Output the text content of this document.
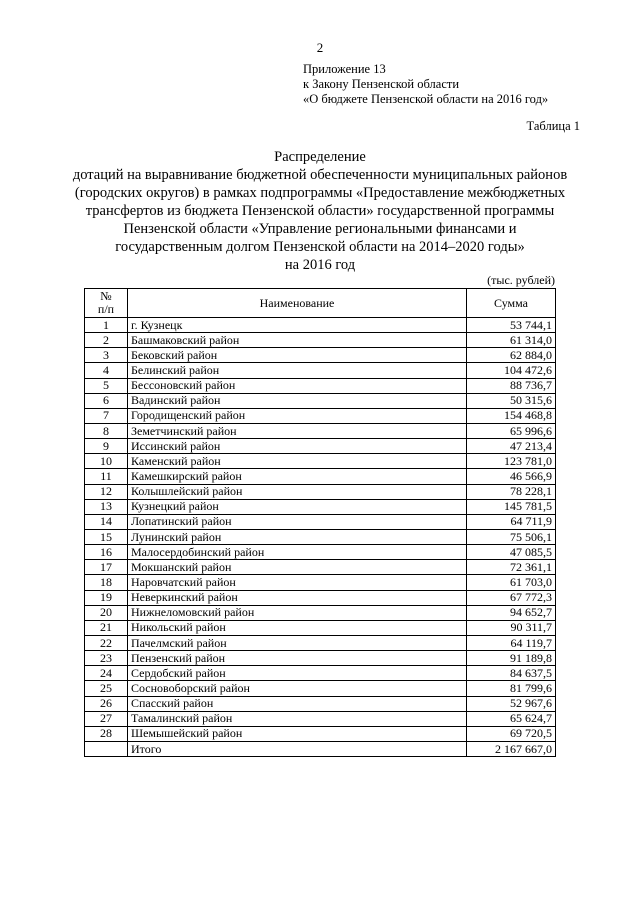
2
Приложение 13
к Закону Пензенской области
«О бюджете Пензенской области на 2016 год»
Таблица 1
Распределение
дотаций на выравнивание бюджетной обеспеченности муниципальных районов
(городских округов) в рамках подпрограммы «Предоставление межбюджетных
трансфертов из бюджета Пензенской области» государственной программы
Пензенской области «Управление региональными финансами и
государственным долгом Пензенской области на 2014–2020 годы»
на 2016 год
(тыс. рублей)
№
п/п	Наименование	Сумма
1	г. Кузнецк	53 744,1
2	Башмаковский район	61 314,0
3	Бековский район	62 884,0
4	Белинский район	104 472,6
5	Бессоновский район	88 736,7
6	Вадинский район	50 315,6
7	Городищенский район	154 468,8
8	Земетчинский район	65 996,6
9	Иссинский район	47 213,4
10	Каменский район	123 781,0
11	Камешкирский район	46 566,9
12	Колышлейский район	78 228,1
13	Кузнецкий район	145 781,5
14	Лопатинский район	64 711,9
15	Лунинский район	75 506,1
16	Малосердобинский район	47 085,5
17	Мокшанский район	72 361,1
18	Наровчатский район	61 703,0
19	Неверкинский район	67 772,3
20	Нижнеломовский район	94 652,7
21	Никольский район	90 311,7
22	Пачелмский район	64 119,7
23	Пензенский район	91 189,8
24	Сердобский район	84 637,5
25	Сосновоборский район	81 799,6
26	Спасский район	52 967,6
27	Тамалинский район	65 624,7
28	Шемышейский район	69 720,5
	Итого	2 167 667,0
